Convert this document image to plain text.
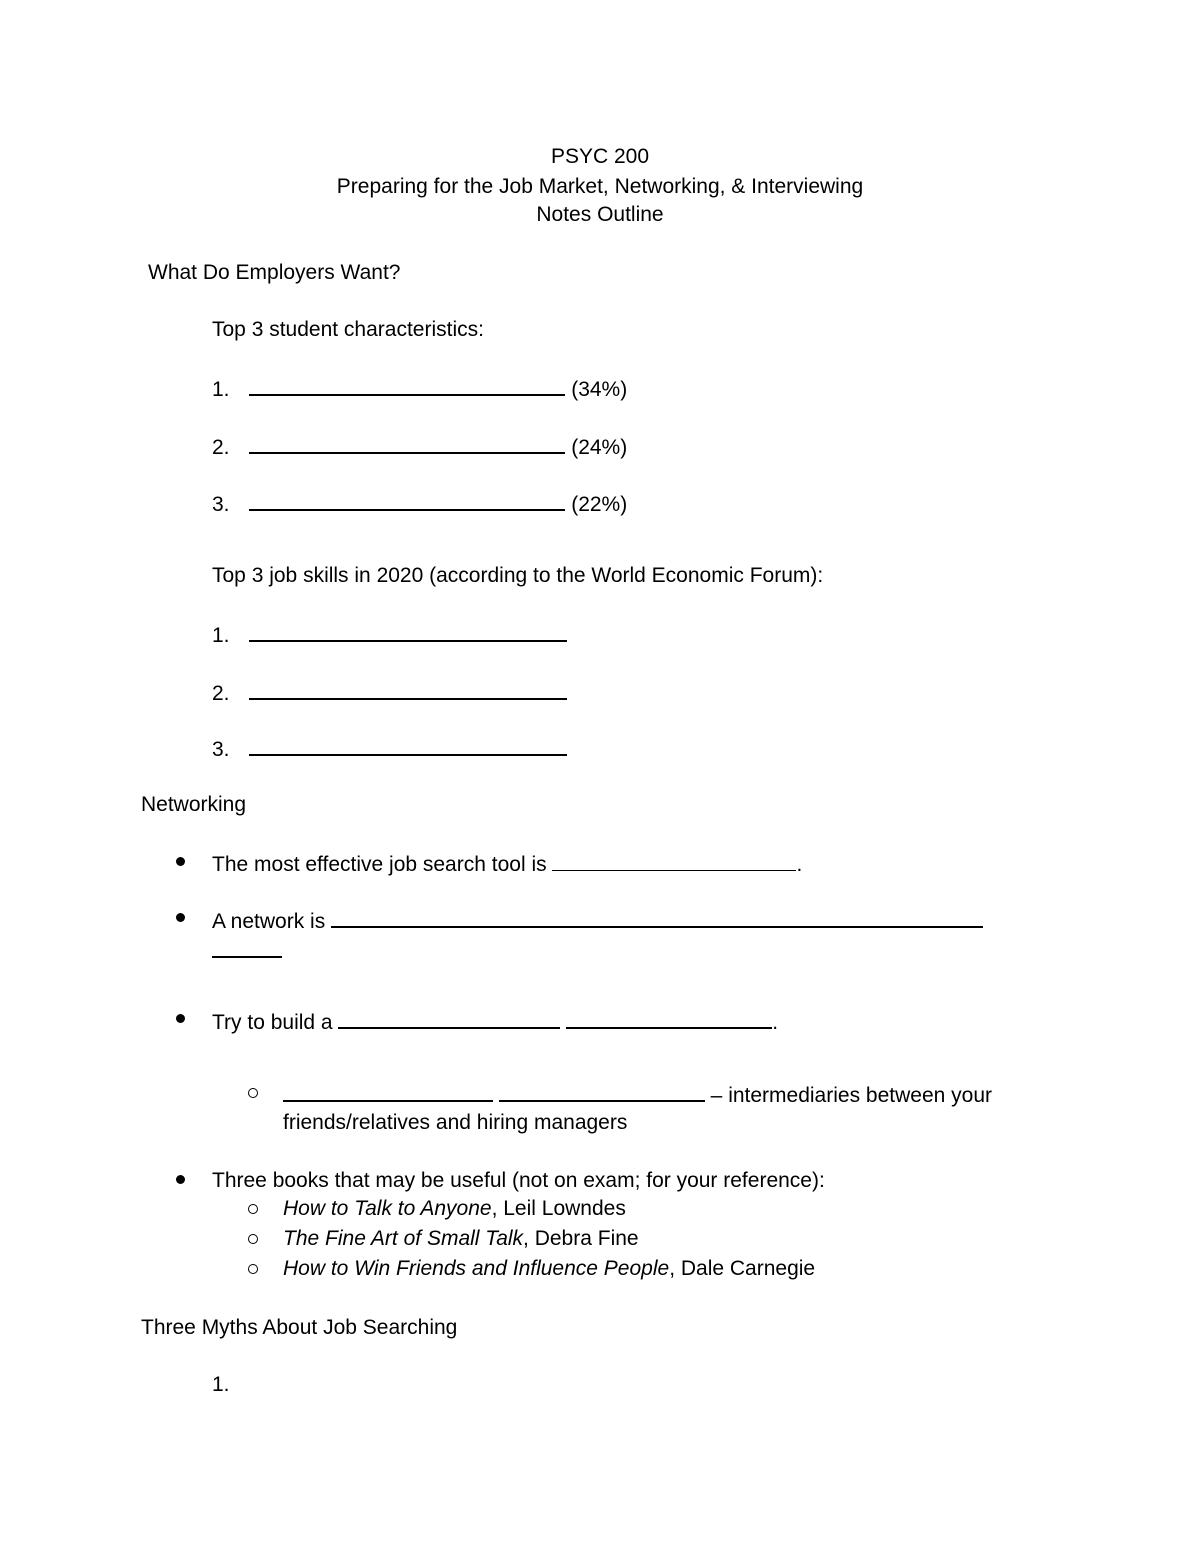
PSYC 200
Preparing for the Job Market, Networking, & Interviewing
Notes Outline
What Do Employers Want?
Top 3 student characteristics:
1.	(34%)
2.	(24%)
3.	(22%)
Top 3 job skills in 2020 (according to the World Economic Forum):
1.
2.
3.
Networking
The most effective job search tool is	.
A network is
Try to build a	.
– intermediaries between your
friends/relatives and hiring managers
Three books that may be useful (not on exam; for your reference):
How to Talk to Anyone, Leil Lowndes
The Fine Art of Small Talk, Debra Fine
How to Win Friends and Influence People, Dale Carnegie
Three Myths About Job Searching
1.
